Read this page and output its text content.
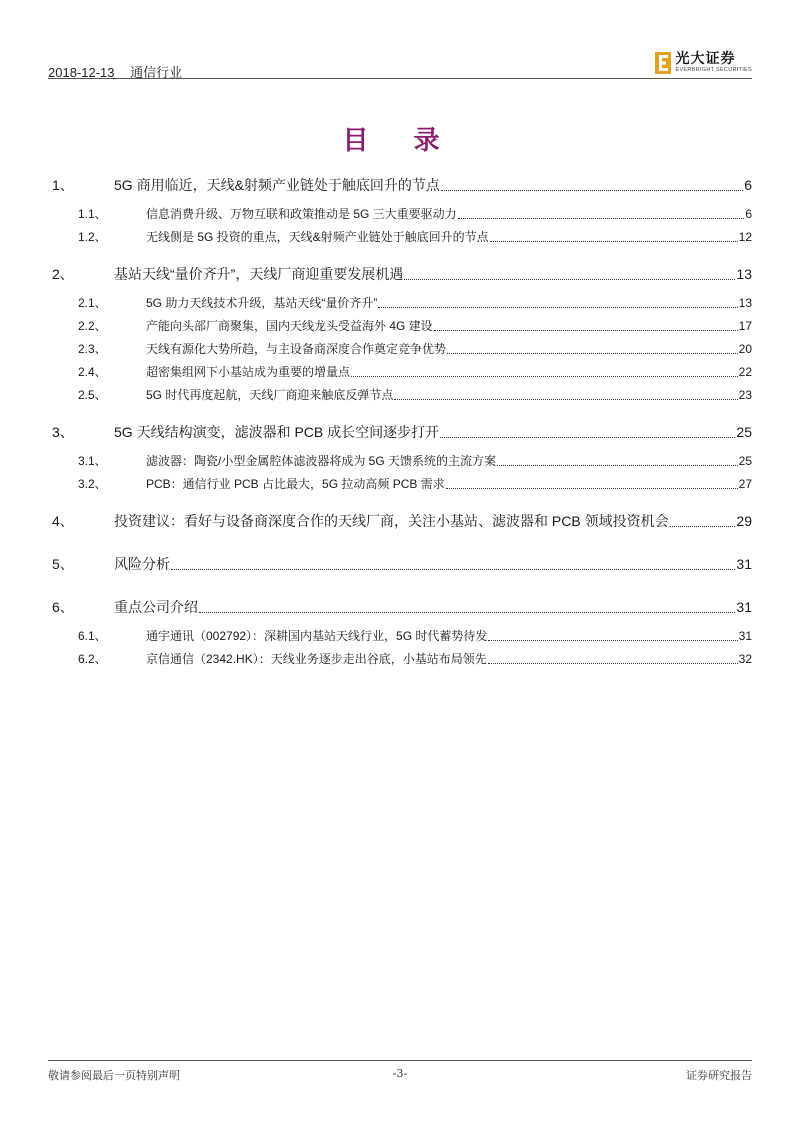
2018-12-13 通信行业
光大证券
EVERBRIGHT SECURITIES
目 录
1、	5G 商用临近，天线&射频产业链处于触底回升的节点	6
1.1、	信息消费升级、万物互联和政策推动是 5G 三大重要驱动力	6
1.2、	无线侧是 5G 投资的重点，天线&射频产业链处于触底回升的节点	12
2、	基站天线“量价齐升”，天线厂商迎重要发展机遇	13
2.1、	5G 助力天线技术升级，基站天线“量价齐升”	13
2.2、	产能向头部厂商聚集，国内天线龙头受益海外 4G 建设	17
2.3、	天线有源化大势所趋，与主设备商深度合作奠定竞争优势	20
2.4、	超密集组网下小基站成为重要的增量点	22
2.5、	5G 时代再度起航，天线厂商迎来触底反弹节点	23
3、	5G 天线结构演变，滤波器和 PCB 成长空间逐步打开	25
3.1、	滤波器：陶瓷/小型金属腔体滤波器将成为 5G 天馈系统的主流方案	25
3.2、	PCB：通信行业 PCB 占比最大，5G 拉动高频 PCB 需求	27
4、	投资建议：看好与设备商深度合作的天线厂商，关注小基站、滤波器和 PCB 领域投资机会	29
5、	风险分析	31
6、	重点公司介绍	31
6.1、	通宇通讯（002792）：深耕国内基站天线行业，5G 时代蓄势待发	31
6.2、	京信通信（2342.HK）：天线业务逐步走出谷底，小基站布局领先	32
敬请参阅最后一页特别声明	-3-	证券研究报告
